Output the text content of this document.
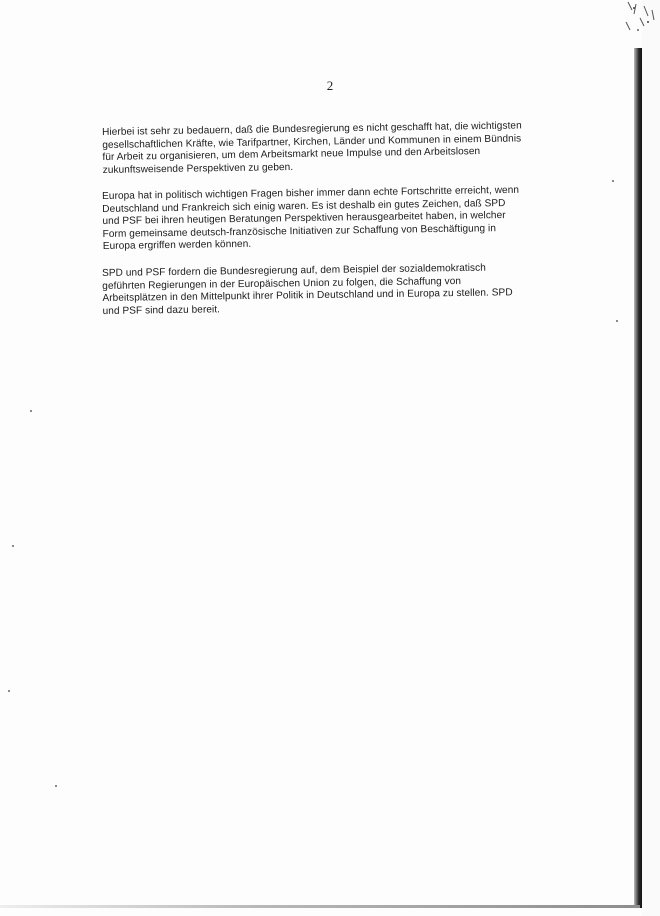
2

Hierbei ist sehr zu bedauern, daß die Bundesregierung es nicht geschafft hat, die wichtigsten
gesellschaftlichen Kräfte, wie Tarifpartner, Kirchen, Länder und Kommunen in einem Bündnis
für Arbeit zu organisieren, um dem Arbeitsmarkt neue Impulse und den Arbeitslosen
zukunftsweisende Perspektiven zu geben.

Europa hat in politisch wichtigen Fragen bisher immer dann echte Fortschritte erreicht, wenn
Deutschland und Frankreich sich einig waren. Es ist deshalb ein gutes Zeichen, daß SPD
und PSF bei ihren heutigen Beratungen Perspektiven herausgearbeitet haben, in welcher
Form gemeinsame deutsch-französische Initiativen zur Schaffung von Beschäftigung in
Europa ergriffen werden können.

SPD und PSF fordern die Bundesregierung auf, dem Beispiel der sozialdemokratisch
geführten Regierungen in der Europäischen Union zu folgen, die Schaffung von
Arbeitsplätzen in den Mittelpunkt ihrer Politik in Deutschland und in Europa zu stellen. SPD
und PSF sind dazu bereit.
